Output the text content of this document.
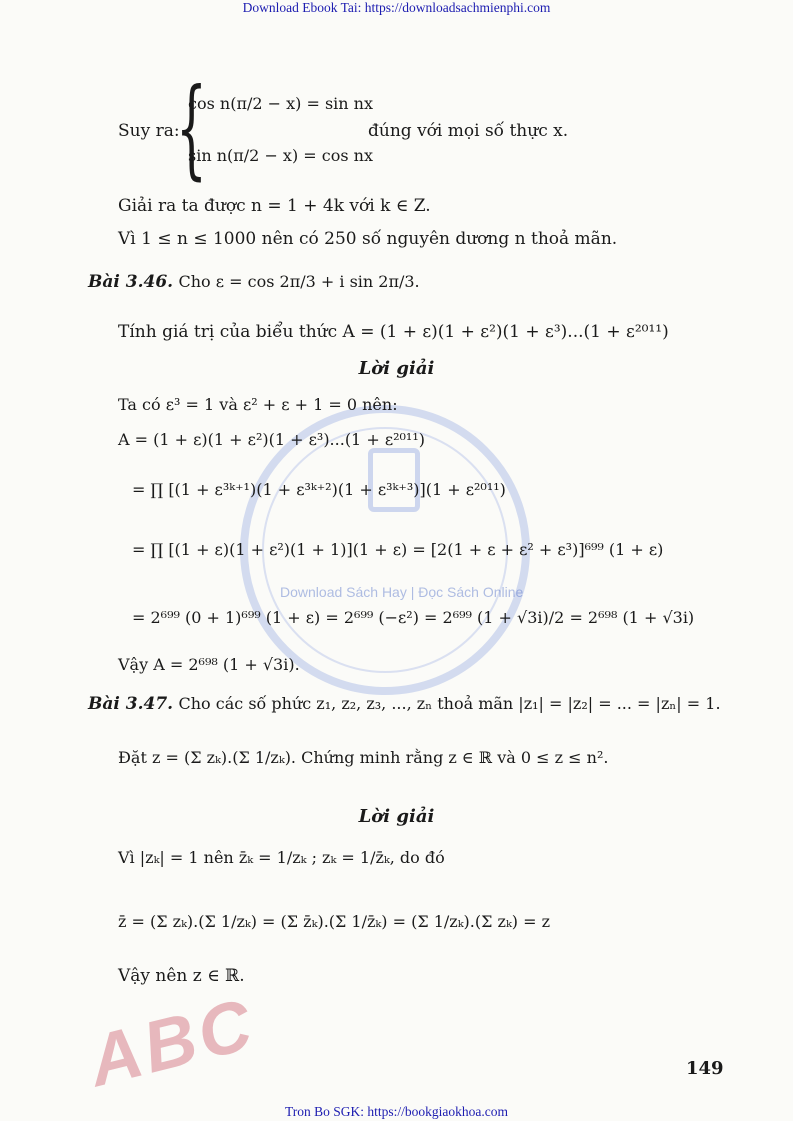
Download Ebook Tai: https://downloadsachmienphi.com
Download Sách Hay | Đọc Sách Online
Suy ra:
{
cos n(π/2 − x) = sin nx
sin n(π/2 − x) = cos nx
đúng với mọi số thực x.
Giải ra ta được n = 1 + 4k với k ∈ Z.
Vì 1 ≤ n ≤ 1000 nên có 250 số nguyên dương n thoả mãn.
Bài 3.46. Cho ε = cos 2π/3 + i sin 2π/3.
Tính giá trị của biểu thức A = (1 + ε)(1 + ε²)(1 + ε³)...(1 + ε²⁰¹¹)
Lời giải
Ta có ε³ = 1 và ε² + ε + 1 = 0 nên:
A = (1 + ε)(1 + ε²)(1 + ε³)...(1 + ε²⁰¹¹)
= ∏ [(1 + ε³ᵏ⁺¹)(1 + ε³ᵏ⁺²)(1 + ε³ᵏ⁺³)](1 + ε²⁰¹¹)
= ∏ [(1 + ε)(1 + ε²)(1 + 1)](1 + ε) = [2(1 + ε + ε² + ε³)]⁶⁹⁹ (1 + ε)
= 2⁶⁹⁹ (0 + 1)⁶⁹⁹ (1 + ε) = 2⁶⁹⁹ (−ε²) = 2⁶⁹⁹ (1 + √3i)/2 = 2⁶⁹⁸ (1 + √3i)
Vậy A = 2⁶⁹⁸ (1 + √3i).
Bài 3.47. Cho các số phức z₁, z₂, z₃, ..., zₙ thoả mãn |z₁| = |z₂| = ... = |zₙ| = 1.
Đặt z = (Σ zₖ).(Σ 1/zₖ). Chứng minh rằng z ∈ ℝ và 0 ≤ z ≤ n².
Lời giải
Vì |zₖ| = 1 nên z̄ₖ = 1/zₖ ; zₖ = 1/z̄ₖ, do đó
z̄ = (Σ zₖ).(Σ 1/zₖ) = (Σ z̄ₖ).(Σ 1/z̄ₖ) = (Σ 1/zₖ).(Σ zₖ) = z
Vậy nên z ∈ ℝ.
ABC	149
Tron Bo SGK: https://bookgiaokhoa.com
